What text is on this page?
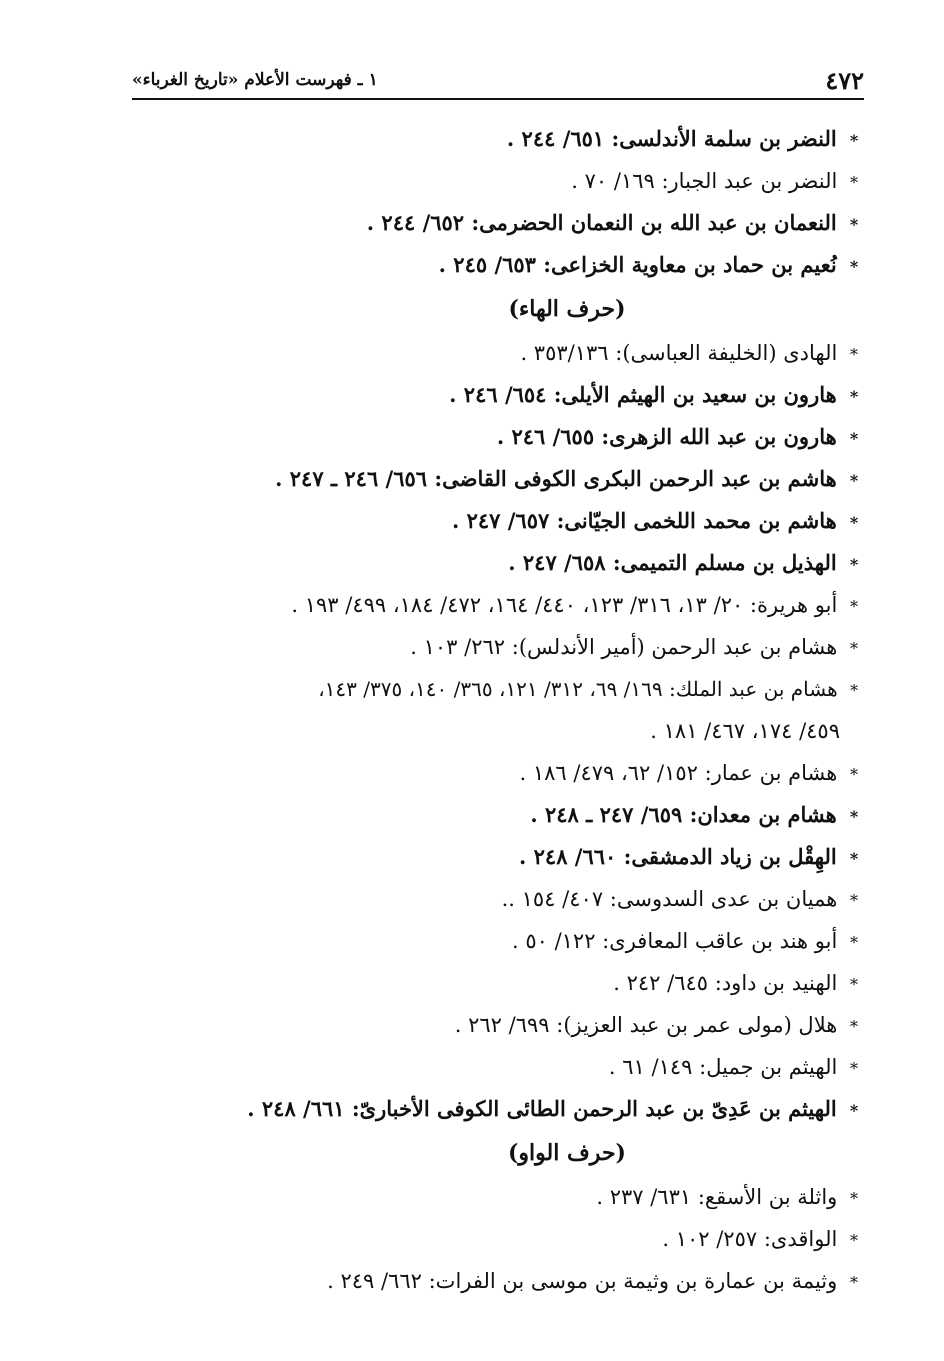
٤٧٢
١ ـ فهرست الأعلام «تاريخ الغرباء»
* النضر بن سلمة الأندلسى: ٦٥١/ ٢٤٤ .
* النضر بن عبد الجبار: ١٦٩/ ٧٠ .
* النعمان بن عبد الله بن النعمان الحضرمى: ٦٥٢/ ٢٤٤ .
* نُعيم بن حماد بن معاوية الخزاعى: ٦٥٣/ ٢٤٥ .
(حرف الهاء)
* الهادى (الخليفة العباسى): ٣٥٣/١٣٦ .
* هارون بن سعيد بن الهيثم الأيلى: ٦٥٤/ ٢٤٦ .
* هارون بن عبد الله الزهرى: ٦٥٥/ ٢٤٦ .
* هاشم بن عبد الرحمن البكرى الكوفى القاضى: ٦٥٦/ ٢٤٦ ـ ٢٤٧ .
* هاشم بن محمد اللخمى الجيّانى: ٦٥٧/ ٢٤٧ .
* الهذيل بن مسلم التميمى: ٦٥٨/ ٢٤٧ .
* أبو هريرة: ٢٠/ ١٣، ٣١٦/ ١٢٣، ٤٤٠/ ١٦٤، ٤٧٢/ ١٨٤، ٤٩٩/ ١٩٣ .
* هشام بن عبد الرحمن (أمير الأندلس): ٢٦٢/ ١٠٣ .
* هشام بن عبد الملك: ١٦٩/ ٦٩، ٣١٢/ ١٢١، ٣٦٥/ ١٤٠، ٣٧٥/ ١٤٣،
٤٥٩/ ١٧٤، ٤٦٧/ ١٨١ .
* هشام بن عمار: ١٥٢/ ٦٢، ٤٧٩/ ١٨٦ .
* هشام بن معدان: ٦٥٩/ ٢٤٧ ـ ٢٤٨ .
* الهِقْل بن زياد الدمشقى: ٦٦٠/ ٢٤٨ .
* هميان بن عدى السدوسى: ٤٠٧/ ١٥٤ ..
* أبو هند بن عاقب المعافرى: ١٢٢/ ٥٠ .
* الهنيد بن داود: ٦٤٥/ ٢٤٢ .
* هلال (مولى عمر بن عبد العزيز): ٦٩٩/ ٢٦٢ .
* الهيثم بن جميل: ١٤٩/ ٦١ .
* الهيثم بن عَدِىّ بن عبد الرحمن الطائى الكوفى الأخبارىّ: ٦٦١/ ٢٤٨ .
(حرف الواو)
* واثلة بن الأسقع: ٦٣١/ ٢٣٧ .
* الواقدى: ٢٥٧/ ١٠٢ .
* وثيمة بن عمارة بن وثيمة بن موسى بن الفرات: ٦٦٢/ ٢٤٩ .
